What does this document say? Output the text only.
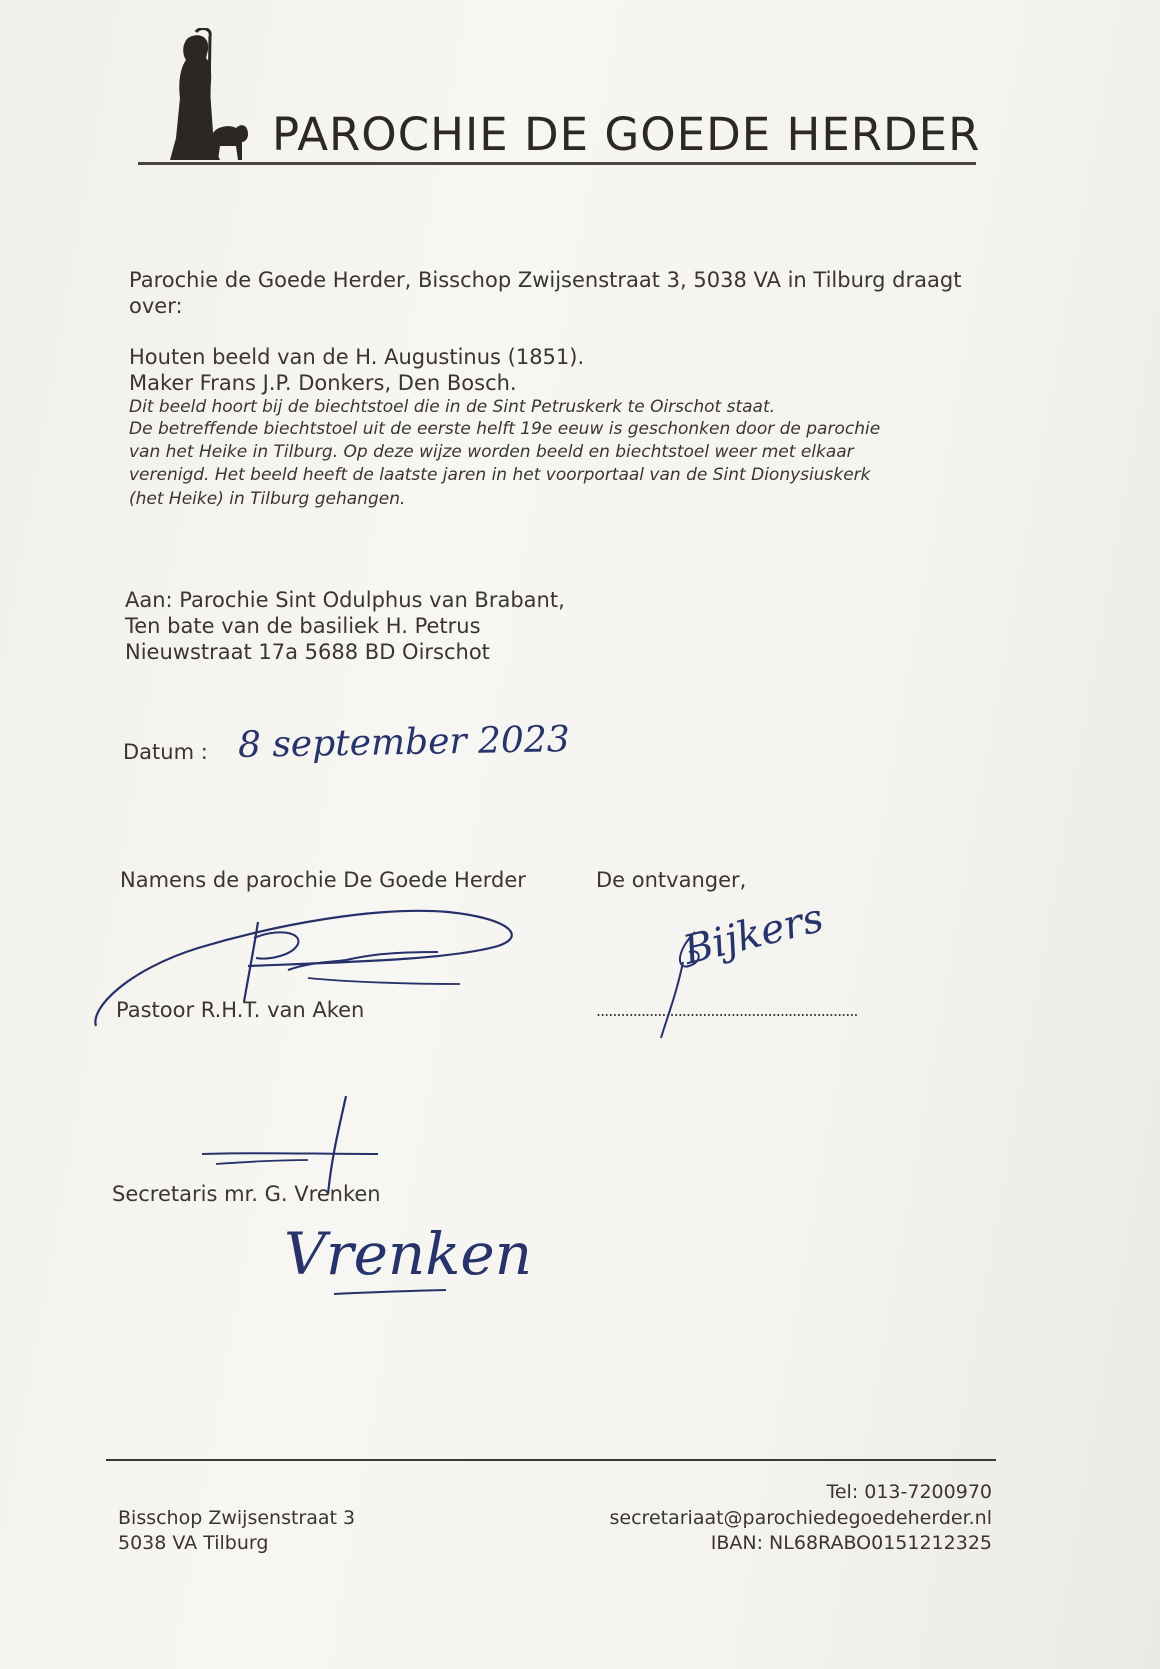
PAROCHIE DE GOEDE HERDER
Parochie de Goede Herder, Bisschop Zwijsenstraat 3, 5038 VA in Tilburg draagt
over:
Houten beeld van de H. Augustinus (1851).
Maker Frans J.P. Donkers, Den Bosch.
Dit beeld hoort bij de biechtstoel die in de Sint Petruskerk te Oirschot staat.
De betreffende biechtstoel uit de eerste helft 19e eeuw is geschonken door de parochie
van het Heike in Tilburg. Op deze wijze worden beeld en biechtstoel weer met elkaar
verenigd. Het beeld heeft de laatste jaren in het voorportaal van de Sint Dionysiuskerk
(het Heike) in Tilburg gehangen.
Aan: Parochie Sint Odulphus van Brabant,
Ten bate van de basiliek H. Petrus
Nieuwstraat 17a 5688 BD Oirschot
Datum : 8 september 2023
Namens de parochie De Goede Herder	De ontvanger,
Pastoor R.H.T. van Aken	................................................................
Bijkers
Secretaris mr. G. Vrenken
Vrenken
Tel: 013-7200970
Bisschop Zwijsenstraat 3	secretariaat@parochiedegoedeherder.nl
5038 VA Tilburg	IBAN: NL68RABO0151212325
